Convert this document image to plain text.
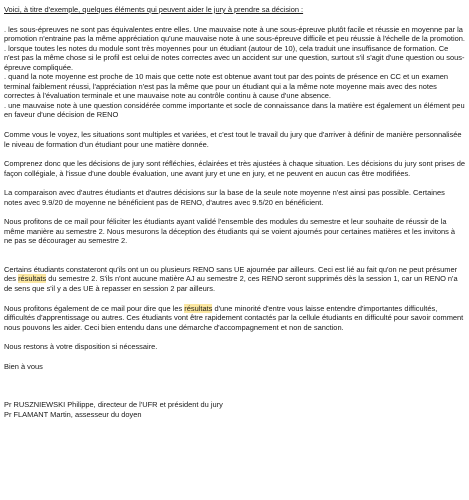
Voici, à titre d'exemple, quelques éléments qui peuvent aider le jury à prendre sa décision :

. les sous-épreuves ne sont pas équivalentes entre elles. Une mauvaise note à une sous-épreuve plutôt facile et réussie en moyenne par la promotion n'entraine pas la même appréciation qu'une mauvaise note à une sous-épreuve difficile et peu réussie à l'échelle de la promotion.

. lorsque toutes les notes du module sont très moyennes pour un étudiant (autour de 10), cela traduit une insuffisance de formation. Ce n'est pas la même chose si le profil est celui de notes correctes avec un accident sur une question, surtout s'il s'agit d'une question ou sous-épreuve compliquée.

. quand la note moyenne est proche de 10 mais que cette note est obtenue avant tout par des points de présence en CC et un examen terminal faiblement réussi, l'appréciation n'est pas la même que pour un étudiant qui a la même note moyenne mais avec des notes correctes à l'évaluation terminale et une mauvaise note au contrôle continu à cause d'une absence.

. une mauvaise note à une question considérée comme importante et socle de connaissance dans la matière est également un élément peu en faveur d'une décision de RENO

Comme vous le voyez, les situations sont multiples et variées, et c'est tout le travail du jury que d'arriver à définir de manière personnalisée le niveau de formation d'un étudiant pour une matière donnée.

Comprenez donc que les décisions de jury sont réfléchies, éclairées et très ajustées à chaque situation. Les décisions du jury sont prises de façon collégiale, à l'issue d'une double évaluation, une avant jury et une en jury, et ne peuvent en aucun cas être modifiées.

La comparaison avec d'autres étudiants et d'autres décisions sur la base de la seule note moyenne n'est ainsi pas possible. Certaines notes avec 9.9/20 de moyenne ne bénéficient pas de RENO, d'autres avec 9.5/20 en bénéficient.

Nous profitons de ce mail pour féliciter les étudiants ayant validé l'ensemble des modules du semestre et leur souhaite de réussir de la même manière au semestre 2. Nous mesurons la déception des étudiants qui se voient ajournés pour certaines matières et les invitons à ne pas se décourager au semestre 2.

Certains étudiants constateront qu'ils ont un ou plusieurs RENO sans UE ajournée par ailleurs. Ceci est lié au fait qu'on ne peut présumer des résultats du semestre 2. S'ils n'ont aucune matière AJ au semestre 2, ces RENO seront supprimés dès la session 1, car un RENO n'a de sens que s'il y a des UE à repasser en session 2 par ailleurs.

Nous profitons également de ce mail pour dire que les résultats d'une minorité d'entre vous laisse entendre d'importantes difficultés, difficultés d'apprentissage ou autres. Ces étudiants vont être rapidement contactés par la cellule étudiants en difficulté pour savoir comment nous pouvons les aider. Ceci bien entendu dans une démarche d'accompagnement et non de sanction.

Nous restons à votre disposition si nécessaire.

Bien à vous

Pr RUSZNIEWSKI Philippe, directeur de l'UFR et président du jury

Pr FLAMANT Martin, assesseur du doyen
